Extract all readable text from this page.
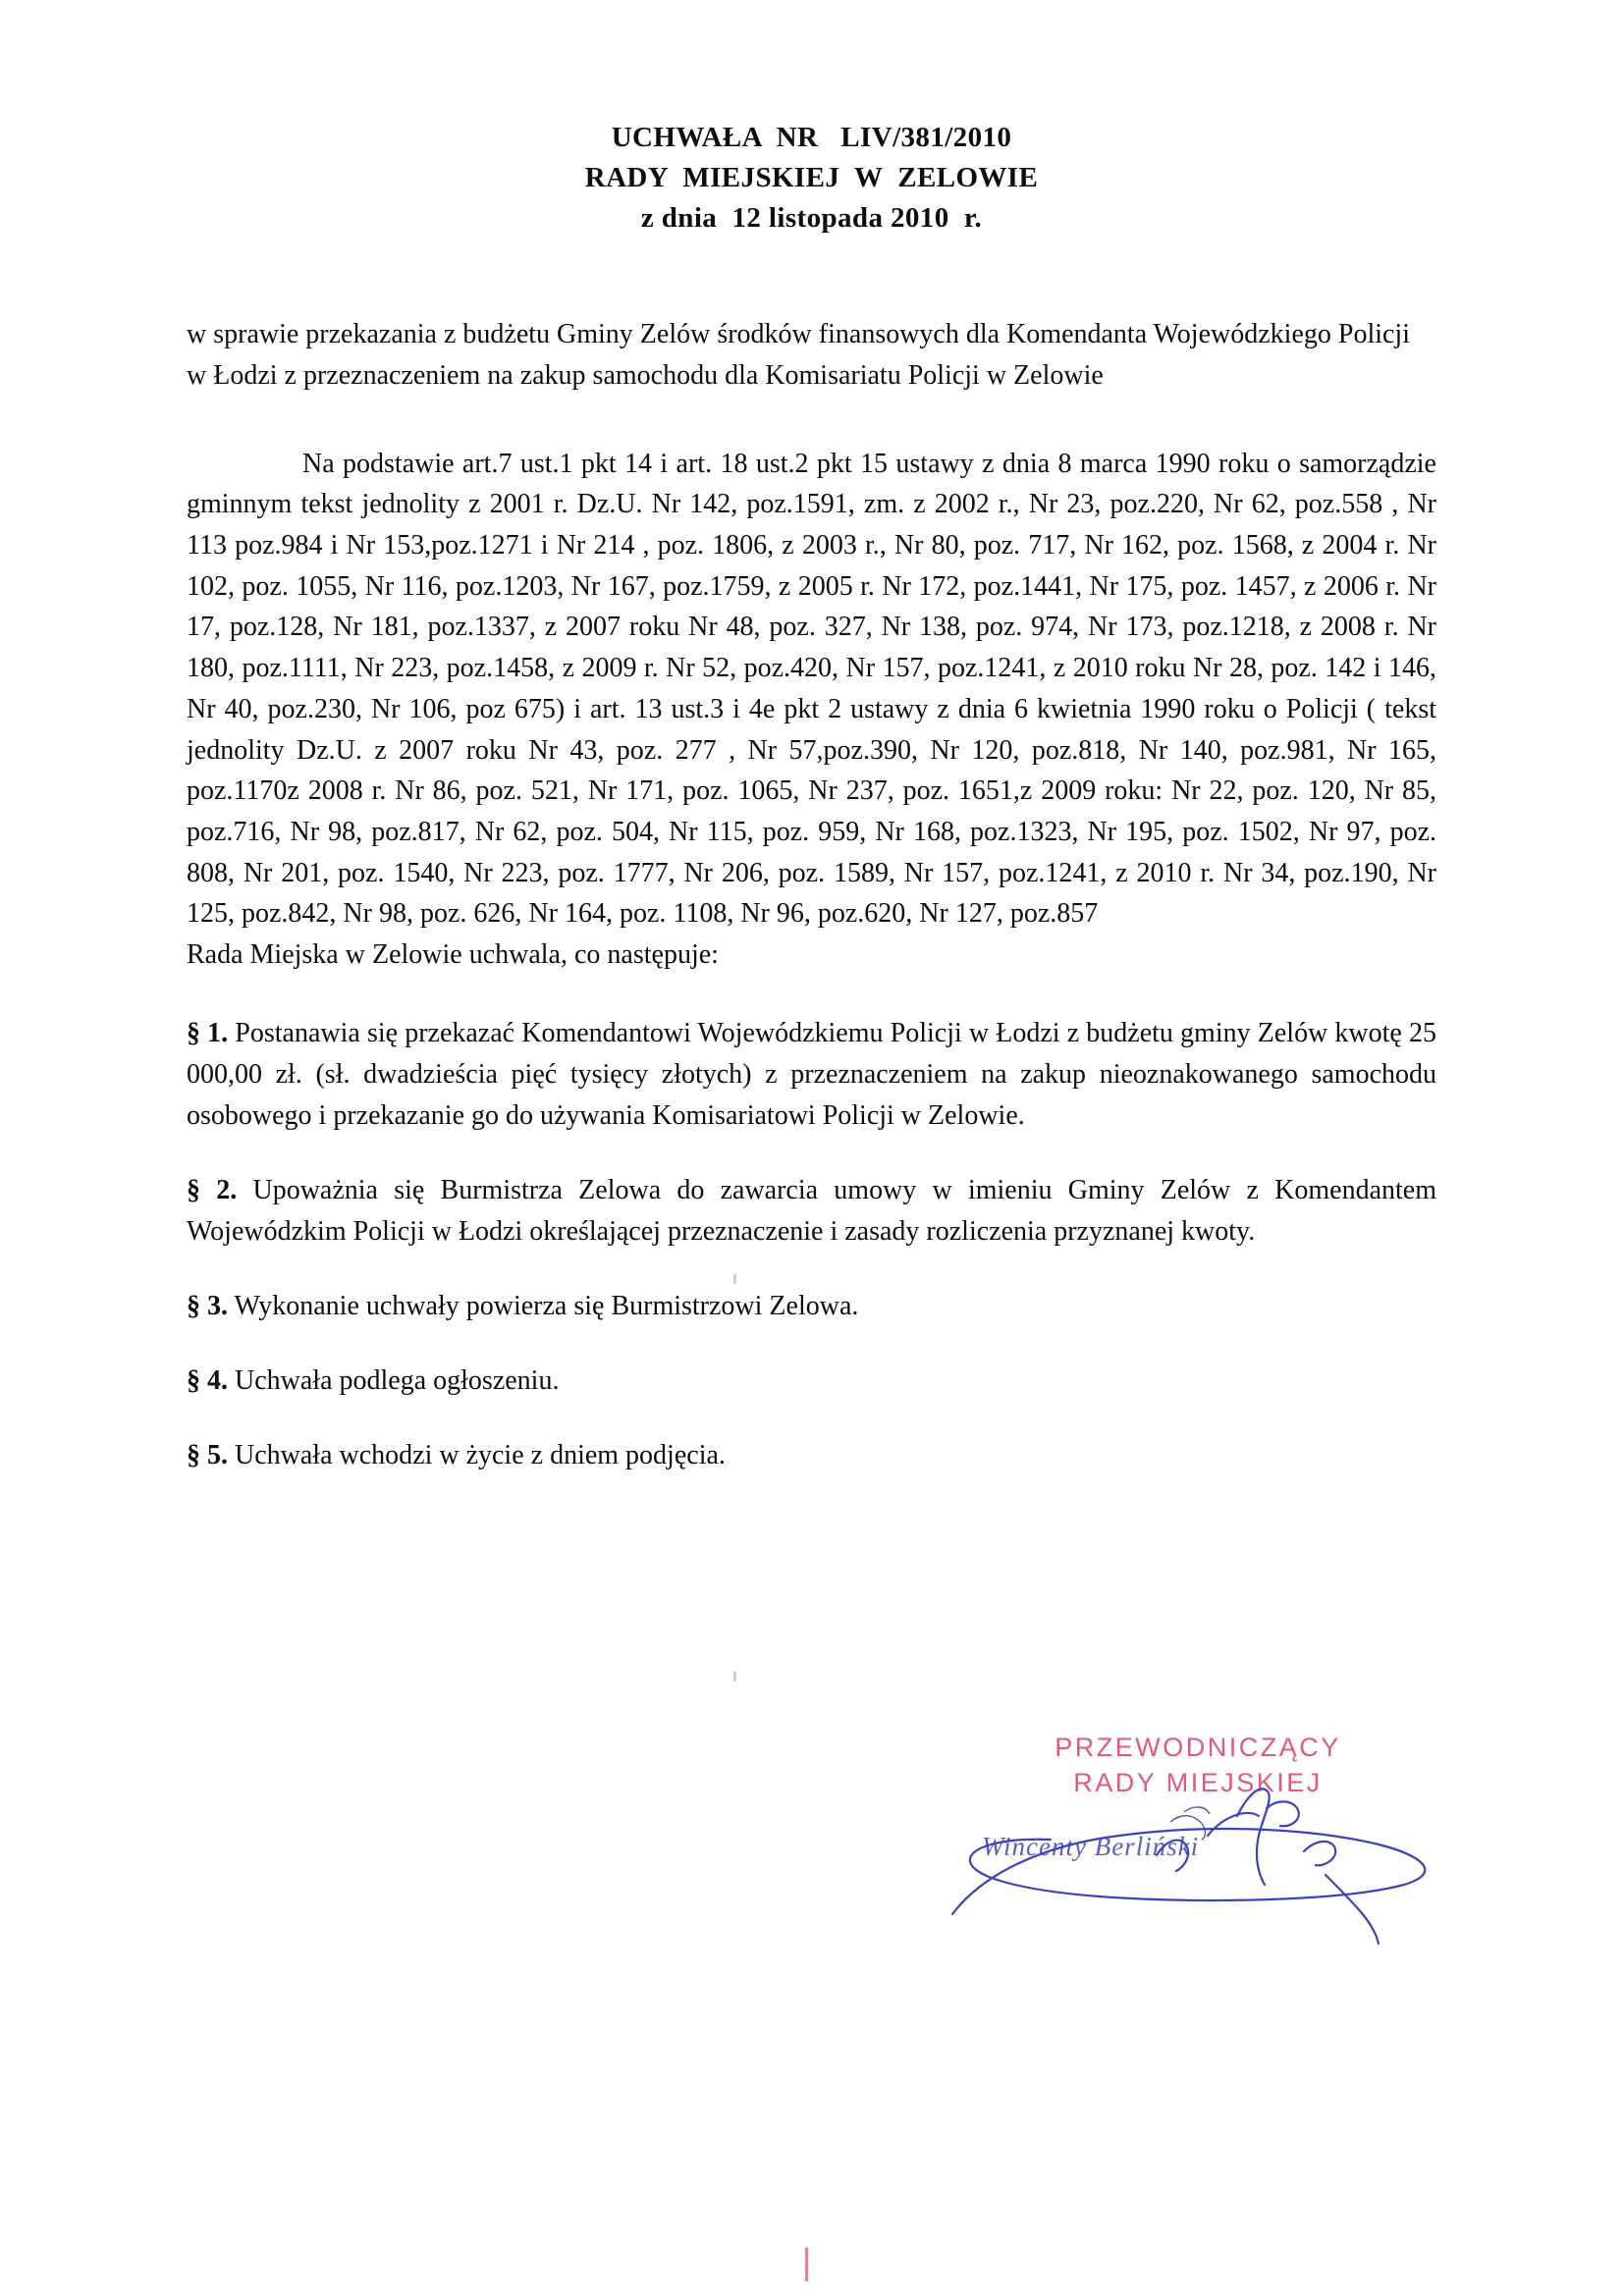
UCHWAŁA  NR   LIV/381/2010
RADY  MIEJSKIEJ  W  ZELOWIE
z dnia  12 listopada 2010  r.

w sprawie przekazania z budżetu Gminy Zelów środków finansowych dla Komendanta Wojewódzkiego Policji w Łodzi z przeznaczeniem na zakup samochodu dla Komisariatu Policji w Zelowie

Na podstawie art.7 ust.1 pkt 14 i art. 18 ust.2 pkt 15 ustawy z dnia 8 marca 1990 roku o samorządzie gminnym tekst jednolity z 2001 r. Dz.U. Nr 142, poz.1591, zm. z 2002 r., Nr 23, poz.220, Nr 62, poz.558 , Nr 113 poz.984 i Nr 153,poz.1271 i Nr 214 , poz. 1806, z 2003 r., Nr 80, poz. 717, Nr 162, poz. 1568, z 2004 r. Nr 102, poz. 1055, Nr 116, poz.1203, Nr 167, poz.1759, z 2005 r. Nr 172, poz.1441, Nr 175, poz. 1457, z 2006 r. Nr 17, poz.128, Nr 181, poz.1337, z 2007 roku Nr 48, poz. 327, Nr 138, poz. 974, Nr 173, poz.1218, z 2008 r. Nr 180, poz.1111, Nr 223, poz.1458, z 2009 r. Nr 52, poz.420, Nr 157, poz.1241, z 2010 roku Nr 28, poz. 142 i 146, Nr 40, poz.230, Nr 106, poz 675) i art. 13 ust.3 i 4e pkt 2 ustawy z dnia 6 kwietnia 1990 roku o Policji ( tekst jednolity Dz.U. z 2007 roku Nr 43, poz. 277 , Nr 57,poz.390, Nr 120, poz.818, Nr 140, poz.981, Nr 165, poz.1170z 2008 r. Nr 86, poz. 521, Nr 171, poz. 1065, Nr 237, poz. 1651,z 2009 roku: Nr 22, poz. 120, Nr 85, poz.716, Nr 98, poz.817, Nr 62, poz. 504, Nr 115, poz. 959, Nr 168, poz.1323, Nr 195, poz. 1502, Nr 97, poz. 808, Nr 201, poz. 1540, Nr 223, poz. 1777, Nr 206, poz. 1589, Nr 157, poz.1241, z 2010 r. Nr 34, poz.190, Nr 125, poz.842, Nr 98, poz. 626, Nr 164, poz. 1108, Nr 96, poz.620, Nr 127, poz.857

Rada Miejska w Zelowie uchwala, co następuje:

§ 1. Postanawia się przekazać Komendantowi Wojewódzkiemu Policji w Łodzi z budżetu gminy Zelów kwotę 25 000,00 zł. (sł. dwadzieścia pięć tysięcy złotych) z przeznaczeniem na zakup nieoznakowanego samochodu osobowego i przekazanie go do używania Komisariatowi Policji w Zelowie.
§ 2. Upoważnia się Burmistrza Zelowa do zawarcia umowy w imieniu Gminy Zelów z Komendantem Wojewódzkim Policji w Łodzi określającej przeznaczenie i zasady rozliczenia przyznanej kwoty.
§ 3. Wykonanie uchwały powierza się Burmistrzowi Zelowa.
§ 4. Uchwała podlega ogłoszeniu.
§ 5. Uchwała wchodzi w życie z dniem podjęcia.
PRZEWODNICZĄCY
RADY MIEJSKIEJ
Wincenty Berliński
